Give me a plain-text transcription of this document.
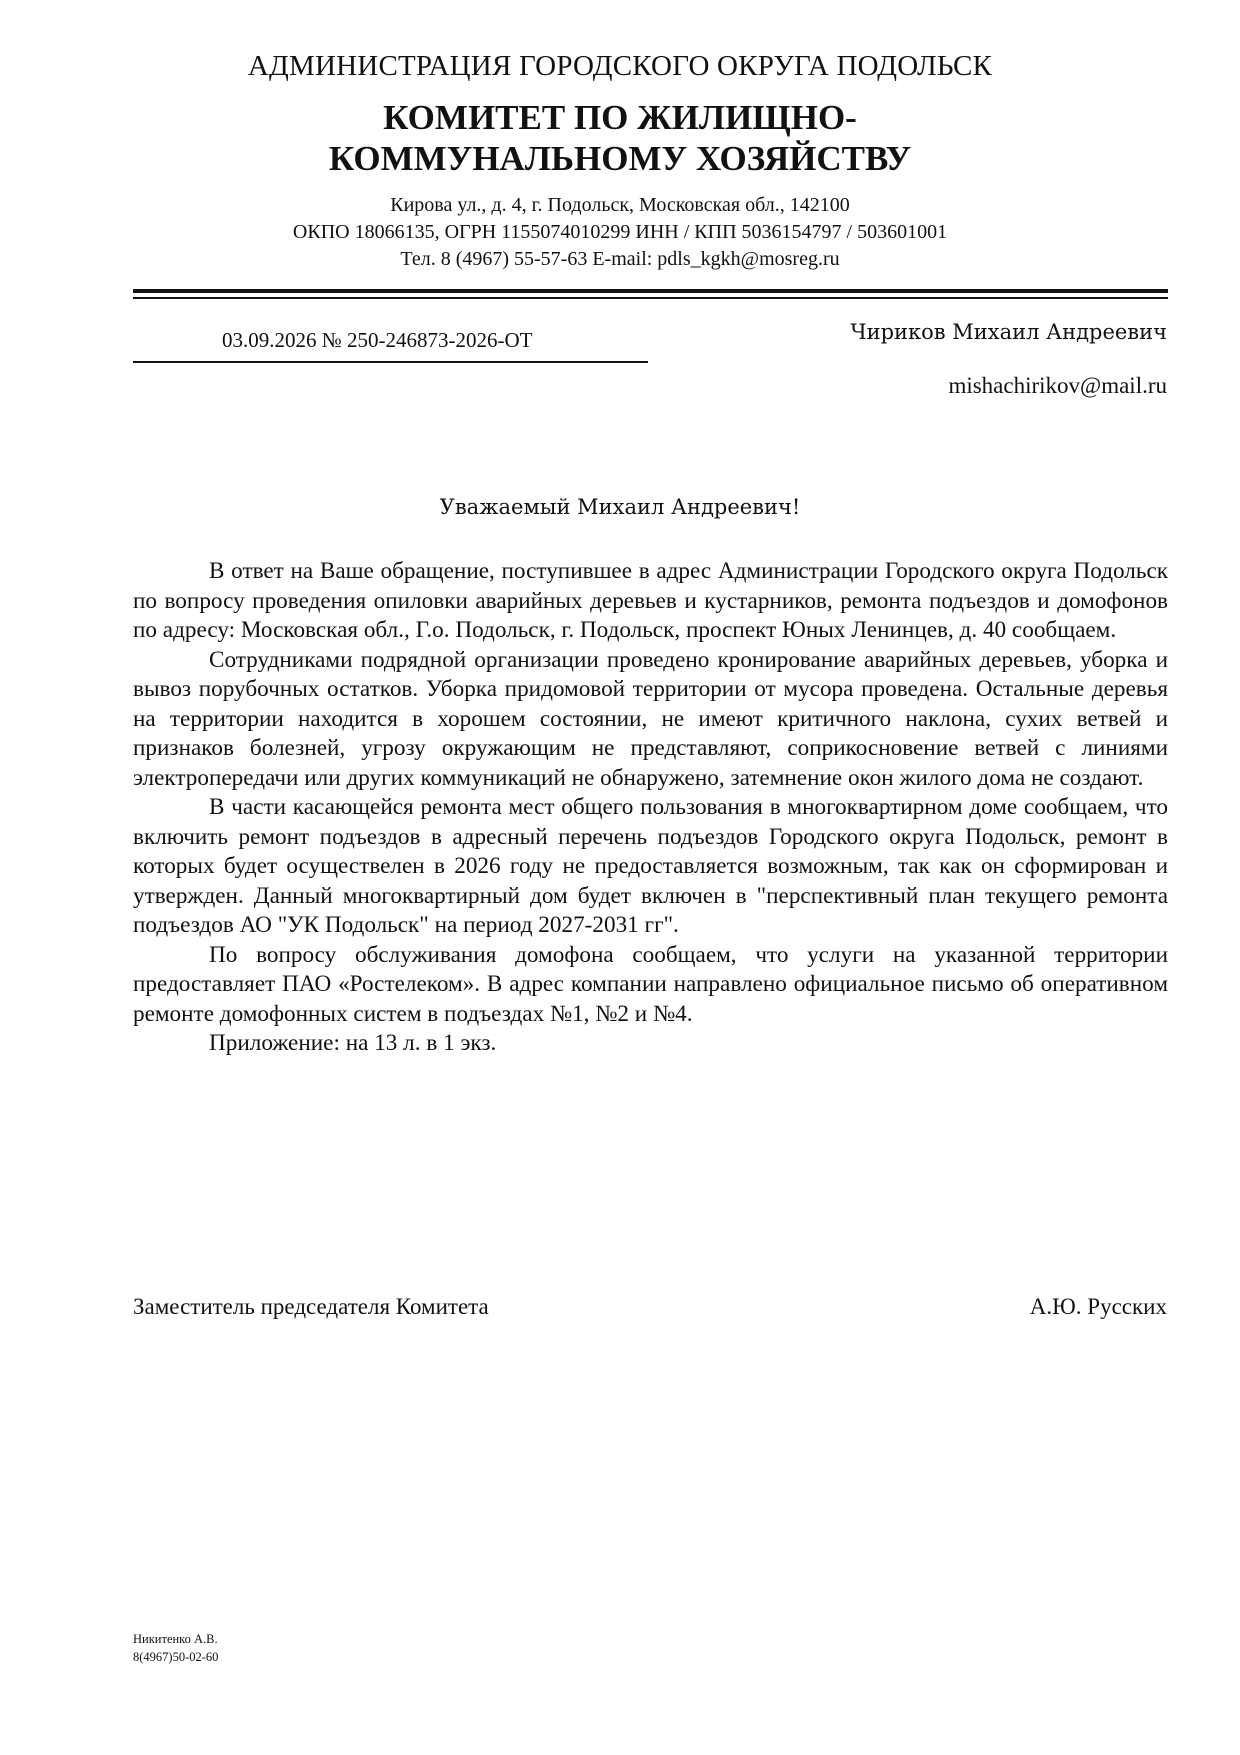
АДМИНИСТРАЦИЯ ГОРОДСКОГО ОКРУГА ПОДОЛЬСК
КОМИТЕТ ПО ЖИЛИЩНО-
КОММУНАЛЬНОМУ ХОЗЯЙСТВУ
Кирова ул., д. 4, г. Подольск, Московская обл., 142100
ОКПО 18066135, ОГРН 1155074010299 ИНН / КПП 5036154797 / 503601001
Тел. 8 (4967) 55-57-63 E-mail: pdls_kgkh@mosreg.ru
03.09.2026 № 250-246873-2026-ОТ	Чириков Михаил Андреевич
mishachirikov@mail.ru
Уважаемый Михаил Андреевич!

В ответ на Ваше обращение, поступившее в адрес Администрации Городского округа Подольск по вопросу проведения опиловки аварийных деревьев и кустарников, ремонта подъездов и домофонов по адресу: Московская обл., Г.о. Подольск, г. Подольск, проспект Юных Ленинцев, д. 40 сообщаем.

Сотрудниками подрядной организации проведено кронирование аварийных деревьев, уборка и вывоз порубочных остатков. Уборка придомовой территории от мусора проведена. Остальные деревья на территории находится в хорошем состоянии, не имеют критичного наклона, сухих ветвей и признаков болезней, угрозу окружающим не представляют, соприкосновение ветвей с линиями электропередачи или других коммуникаций не обнаружено, затемнение окон жилого дома не создают.

В части касающейся ремонта мест общего пользования в многоквартирном доме сообщаем, что включить ремонт подъездов в адресный перечень подъездов Городского округа Подольск, ремонт в которых будет осуществелен в 2026 году не предоставляется возможным, так как он сформирован и утвержден. Данный многоквартирный дом будет включен в "перспективный план текущего ремонта подъездов АО "УК Подольск" на период 2027-2031 гг".

По вопросу обслуживания домофона сообщаем, что услуги на указанной территории предоставляет ПАО «Ростелеком». В адрес компании направлено официальное письмо об оперативном ремонте домофонных систем в подъездах №1, №2 и №4.

Приложение: на 13 л. в 1 экз.

Заместитель председателя Комитета	А.Ю. Русских
Никитенко А.В.
8(4967)50-02-60
